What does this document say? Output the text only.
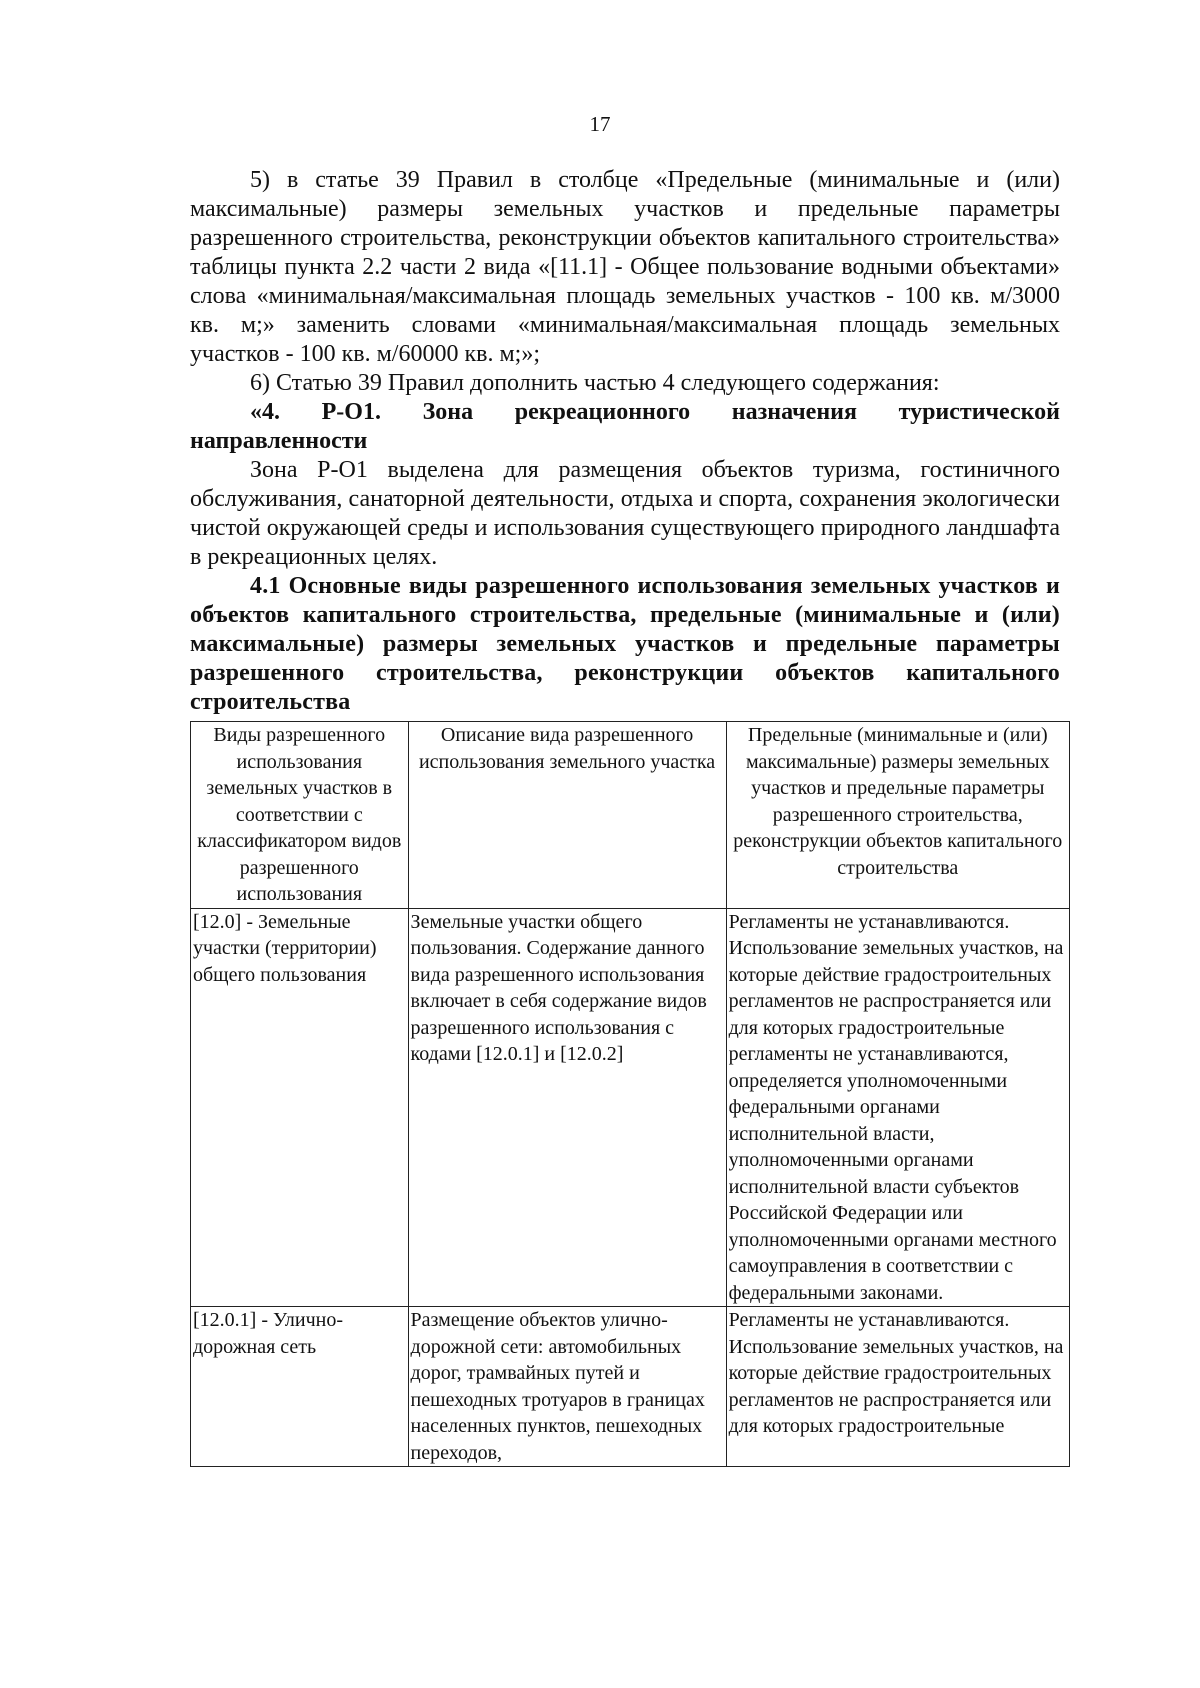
17

5) в статье 39 Правил в столбце «Предельные (минимальные и (или) максимальные) размеры земельных участков и предельные параметры разрешенного строительства, реконструкции объектов капитального строительства» таблицы пункта 2.2 части 2 вида «[11.1] - Общее пользование водными объектами» слова «минимальная/максимальная площадь земельных участков - 100 кв. м/3000 кв. м;» заменить словами «минимальная/максимальная площадь земельных участков - 100 кв. м/60000 кв. м;»;

6) Статью 39 Правил дополнить частью 4 следующего содержания:

«4. Р-О1. Зона рекреационного назначения туристической направленности

Зона Р-О1 выделена для размещения объектов туризма, гостиничного обслуживания, санаторной деятельности, отдыха и спорта, сохранения экологически чистой окружающей среды и использования существующего природного ландшафта в рекреационных целях.

4.1 Основные виды разрешенного использования земельных участков и объектов капитального строительства, предельные (минимальные и (или) максимальные) размеры земельных участков и предельные параметры разрешенного строительства, реконструкции объектов капитального строительства

Виды разрешенного использования земельных участков в соответствии с классификатором видов разрешенного использования	Описание вида разрешенного использования земельного участка	Предельные (минимальные и (или) максимальные) размеры земельных участков и предельные параметры разрешенного строительства, реконструкции объектов капитального строительства
[12.0] - Земельные участки (территории) общего пользования	Земельные участки общего пользования. Содержание данного вида разрешенного использования включает в себя содержание видов разрешенного использования с кодами [12.0.1] и [12.0.2]	Регламенты не устанавливаются. Использование земельных участков, на которые действие градостроительных регламентов не распространяется или для которых градостроительные регламенты не устанавливаются, определяется уполномоченными федеральными органами исполнительной власти, уполномоченными органами исполнительной власти субъектов Российской Федерации или уполномоченными органами местного самоуправления в соответствии с федеральными законами.
[12.0.1] - Улично-дорожная сеть	Размещение объектов улично-дорожной сети: автомобильных дорог, трамвайных путей и пешеходных тротуаров в границах населенных пунктов, пешеходных переходов,	Регламенты не устанавливаются. Использование земельных участков, на которые действие градостроительных регламентов не распространяется или для которых градостроительные
